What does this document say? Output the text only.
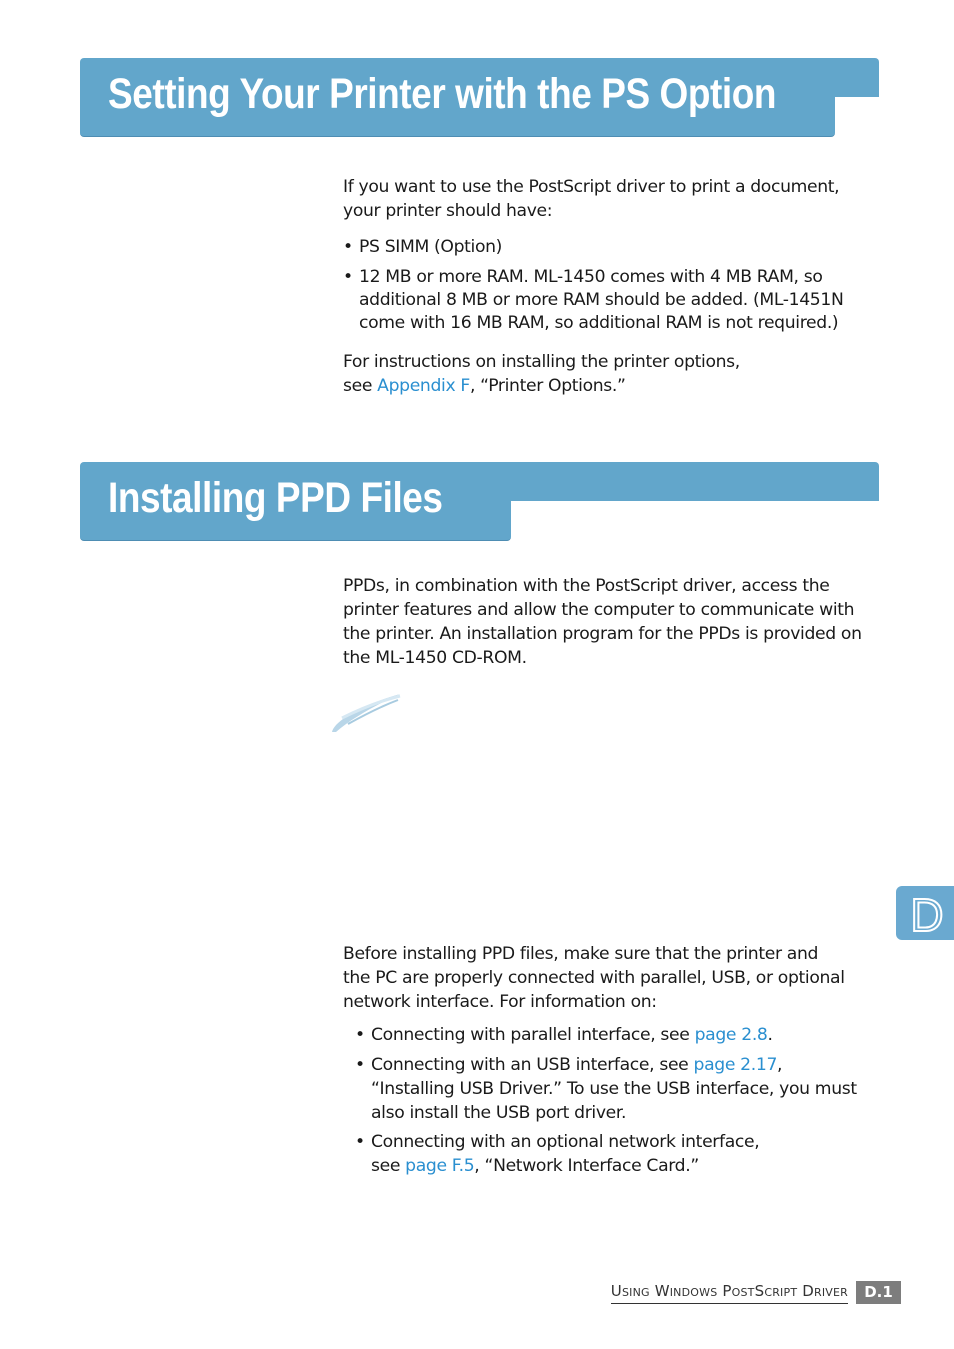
Setting Your Printer with the PS Option

If you want to use the PostScript driver to print a document,
your printer should have:

• PS SIMM (Option)
• 12 MB or more RAM. ML-1450 comes with 4 MB RAM, so
additional 8 MB or more RAM should be added. (ML-1451N
come with 16 MB RAM, so additional RAM is not required.)

For instructions on installing the printer options,
see Appendix F, “Printer Options.”

Installing PPD Files

PPDs, in combination with the PostScript driver, access the
printer features and allow the computer to communicate with
the printer. An installation program for the PPDs is provided on
the ML-1450 CD-ROM.

D

Before installing PPD files, make sure that the printer and
the PC are properly connected with parallel, USB, or optional
network interface. For information on:

• Connecting with parallel interface, see page 2.8.
• Connecting with an USB interface, see page 2.17,
“Installing USB Driver.” To use the USB interface, you must
also install the USB port driver.
• Connecting with an optional network interface,
see page F.5, “Network Interface Card.”
USING WINDOWS POSTSCRIPT DRIVER	D.1
